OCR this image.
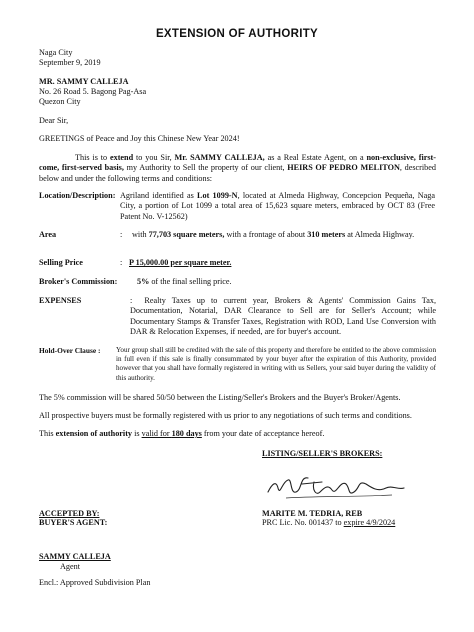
EXTENSION OF AUTHORITY
Naga City
September 9, 2019
MR. SAMMY CALLEJA
No. 26 Road 5. Bagong Pag-Asa
Quezon City
Dear Sir,
GREETINGS of Peace and Joy this Chinese New Year 2024!
This is to extend to you Sir, Mr. SAMMY CALLEJA, as a Real Estate Agent, on a non-exclusive, first-come, first-served basis, my Authority to Sell the property of our client, HEIRS OF PEDRO MELITON, described below and under the following terms and conditions:
Location/Description: Agriland identified as Lot 1099-N, located at Almeda Highway, Concepcion Pequeña, Naga City, a portion of Lot 1099 a total area of 15,623 square meters, embraced by OCT 83 (Free Patent No. V-12562)
Area	: with 77,703 square meters, with a frontage of about 310 meters at Almeda Highway.
Selling Price	: P 15,000.00 per square meter.
Broker's Commission: 5% of the final selling price.
EXPENSES	:  Realty Taxes up to current year, Brokers & Agents' Commission Gains Tax, Documentation, Notarial, DAR Clearance to Sell are for Seller's Account; while Documentary Stamps & Transfer Taxes, Registration with ROD, Land Use Conversion with DAR & Relocation Expenses, if needed, are for buyer's account.
Hold-Over Clause : Your group shall still be credited with the sale of this property and therefore be entitled to the above commission in full even if this sale is finally consummated by your buyer after the expiration of this Authority, provided however that you shall have formally registered in writing with us Sellers, your said buyer during the validity of this authority.
The 5% commission will be shared 50/50 between the Listing/Seller's Brokers and the Buyer's Broker/Agents.
All prospective buyers must be formally registered with us prior to any negotiations of such terms and conditions.
This extension of authority is valid for 180 days from your date of acceptance hereof.
LISTING/SELLER'S BROKERS:
ACCEPTED BY:
BUYER'S AGENT:
MARITE M. TEDRIA, REB
PRC Lic. No. 001437 to expire 4/9/2024
SAMMY CALLEJA
Agent
Encl.: Approved Subdivision Plan
